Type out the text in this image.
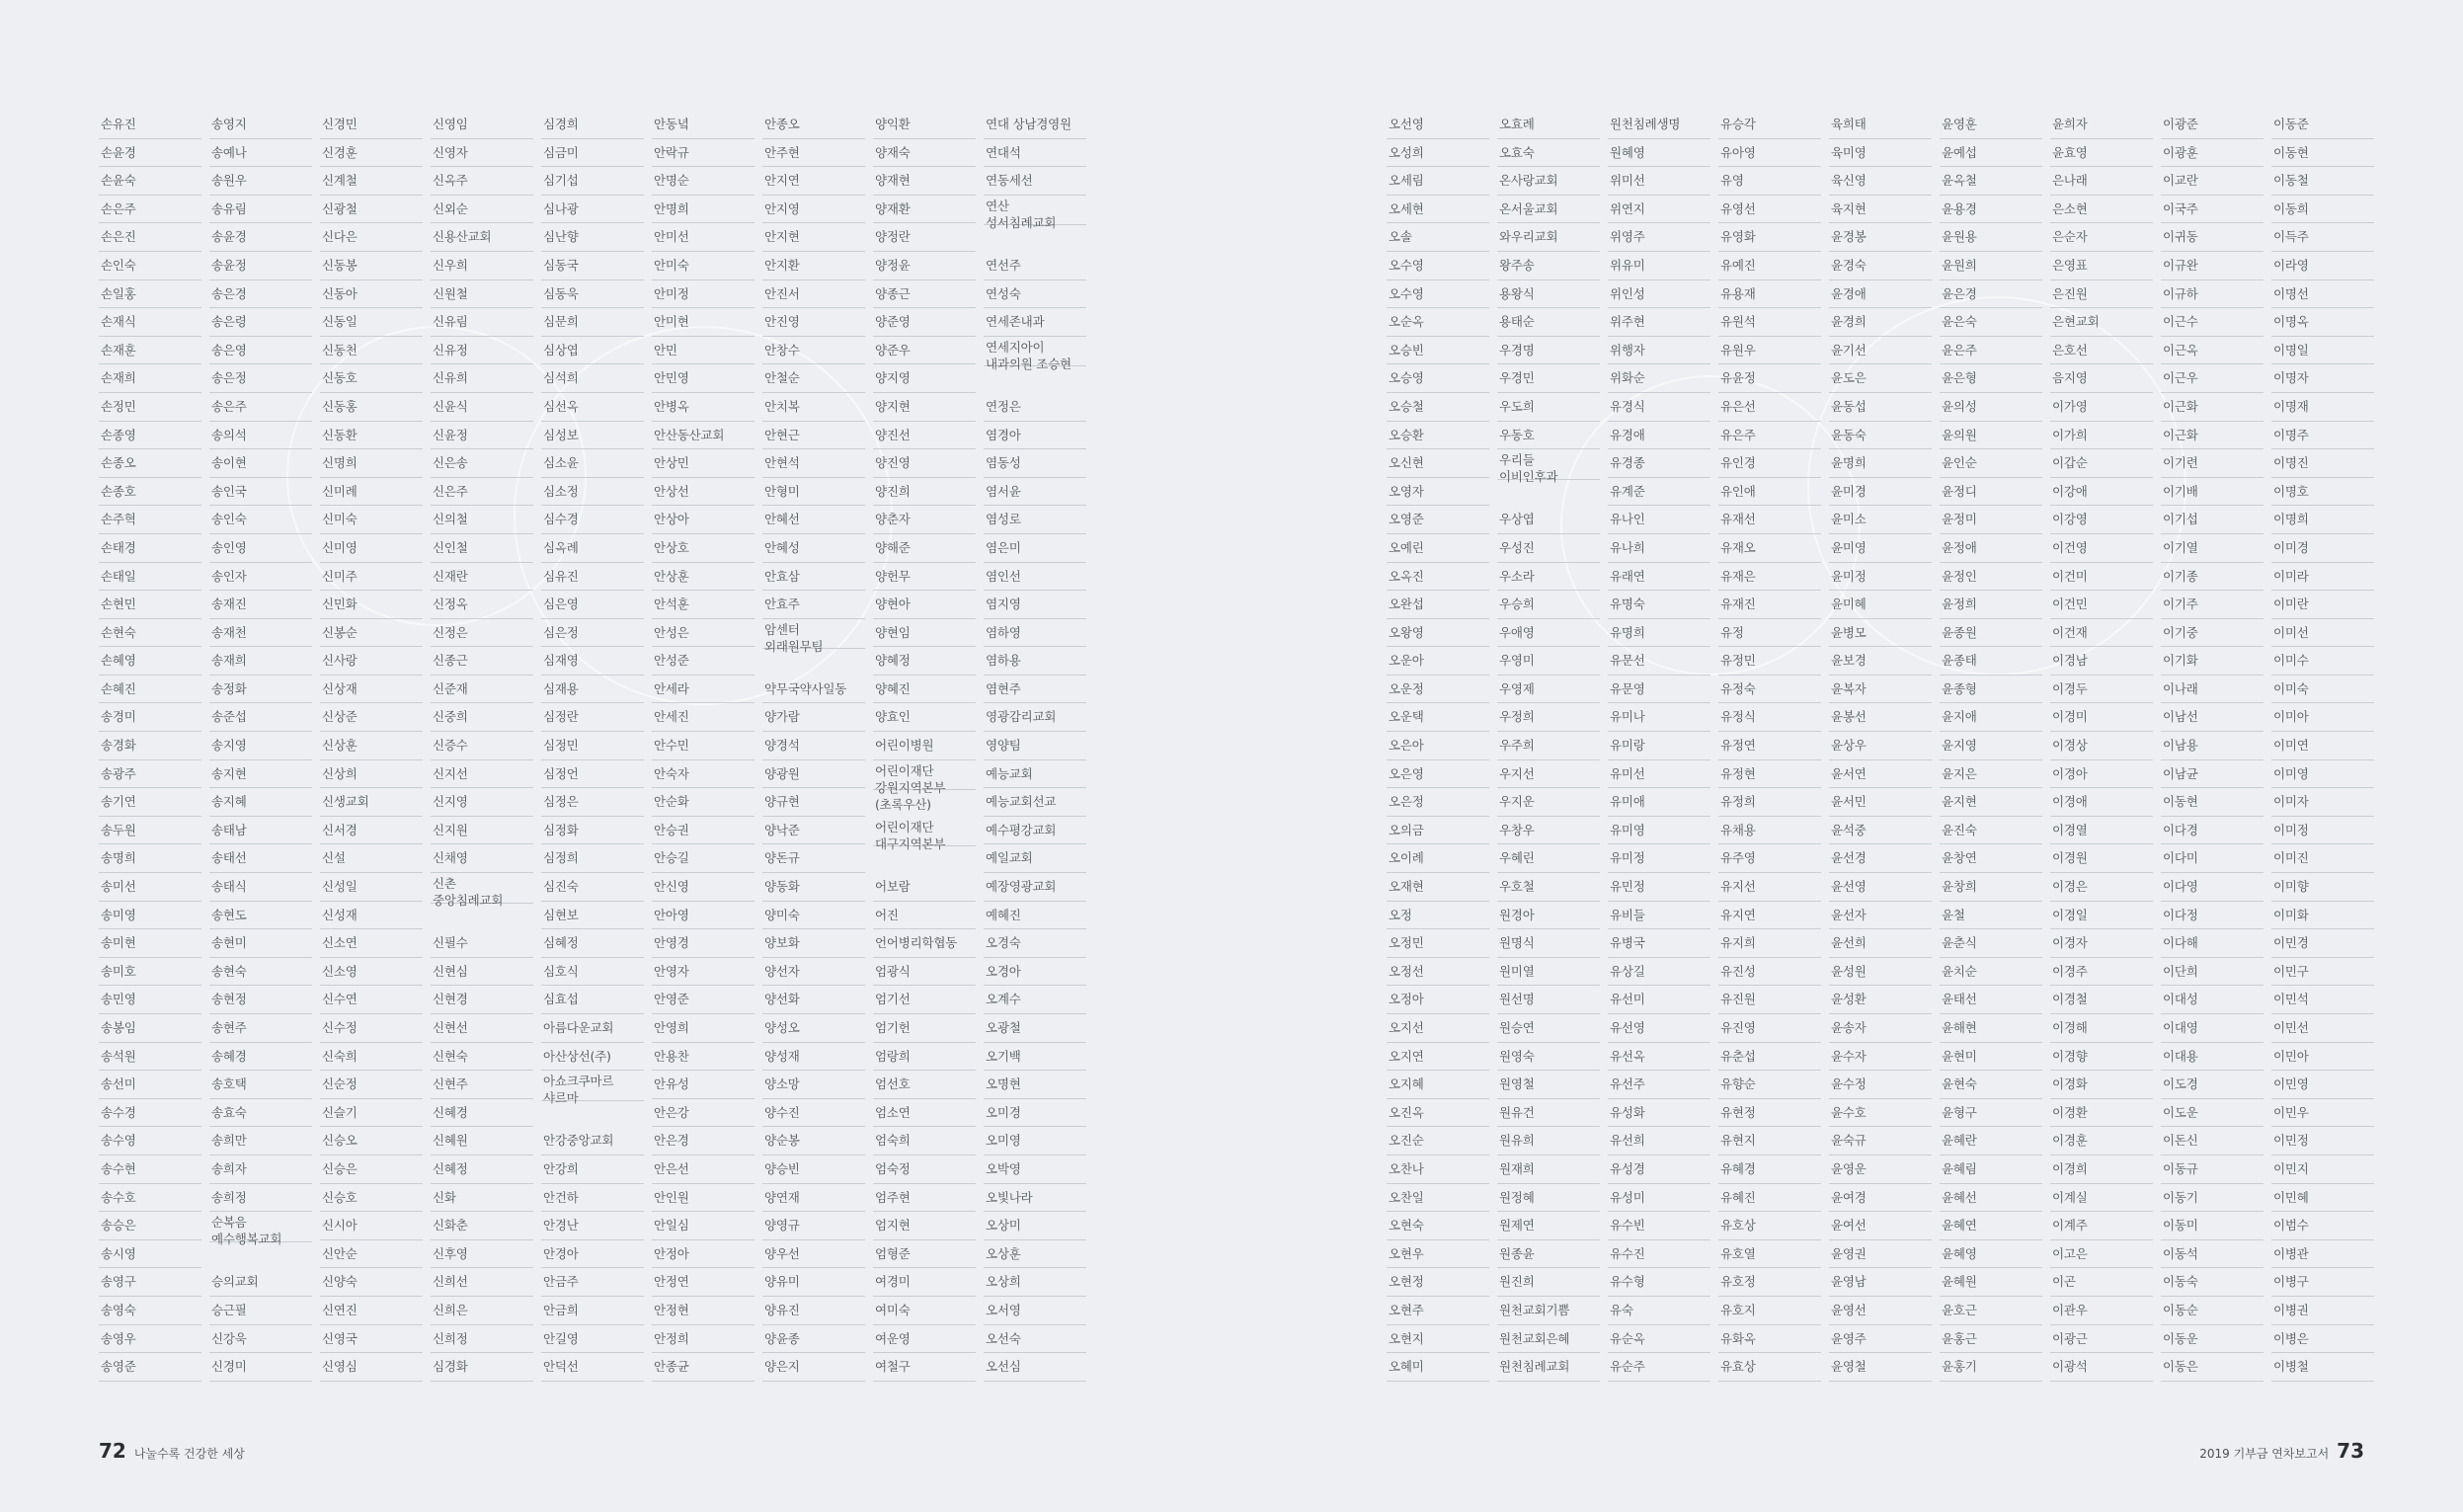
손유진
손윤경
손윤숙
손은주
손은진
손인숙
손일홍
손재식
손재훈
손재희
손정민
손종영
손종오
손종호
손주혁
손태경
손태일
손현민
손현숙
손혜영
손혜진
송경미
송경화
송광주
송기연
송두원
송명희
송미선
송미영
송미현
송미호
송민영
송봉임
송석원
송선미
송수경
송수영
송수현
송수호
송승은
송시영
송영구
송영숙
송영우
송영준
송영지
송예나
송원우
송유림
송윤경
송윤정
송은경
송은령
송은영
송은정
송은주
송의석
송이현
송인국
송인숙
송인영
송인자
송재진
송재천
송재희
송정화
송준섭
송지영
송지현
송지혜
송태남
송태선
송태식
송현도
송현미
송현숙
송현정
송현주
송혜경
송호택
송효숙
송희만
송희자
송희정
순복음
예수행복교회
승의교회
승근필
신강욱
신경미
신경민
신경훈
신계철
신광철
신다은
신동봉
신동아
신동일
신동천
신동호
신동홍
신동환
신명희
신미례
신미숙
신미영
신미주
신민화
신봉순
신사랑
신상재
신상준
신상훈
신상희
신생교회
신서경
신설
신성일
신성재
신소연
신소영
신수연
신수정
신숙희
신순정
신슬기
신승오
신승은
신승호
신시아
신안순
신양숙
신연진
신영국
신영심
신영임
신영자
신옥주
신외순
신용산교회
신우희
신원철
신유림
신유정
신유희
신윤식
신윤정
신은송
신은주
신의철
신인철
신재란
신정옥
신정은
신종근
신준재
신중희
신증수
신지선
신지영
신지원
신채영
신촌
중앙침례교회
신필수
신현심
신현경
신현선
신현숙
신현주
신혜경
신혜원
신혜정
신화
신화춘
신후영
신희선
신희은
신희정
심경화
심경희
심금미
심기섭
심나광
심난향
심동국
심동욱
심문희
심상엽
심석희
심선옥
심성보
심소윤
심소정
심수경
심옥례
심유진
심은영
심은정
심재영
심재용
심정란
심정민
심정언
심정은
심정화
심정희
심진숙
심현보
심혜정
심호식
심효섭
아름다운교회
아산상선(주)
아쇼크쿠마르
샤르마
안강중앙교회
안강희
안건하
안경난
안경아
안금주
안금희
안길영
안덕선
안동녘
안락규
안명순
안명희
안미선
안미숙
안미정
안미현
안민
안민영
안병옥
안산동산교회
안상민
안상선
안상아
안상호
안상훈
안석훈
안성은
안성준
안세라
안세진
안수민
안숙자
안순화
안승권
안승길
안신영
안아영
안영경
안영자
안영준
안영희
안용찬
안유성
안은강
안은경
안은선
안인원
안일심
안정아
안정연
안정현
안정희
안종균
안종오
안주현
안지연
안지영
안지현
안지환
안진서
안진영
안창수
안철순
안치복
안현근
안현석
안형미
안혜선
안혜성
안효삼
안효주
암센터
외래원무팀
약무국약사일동
양가람
양경석
양광원
양규현
양낙준
양돈규
양동화
양미숙
양보화
양선자
양선화
양성오
양성재
양소망
양수진
양순봉
양승빈
양연재
양영규
양우선
양유미
양유진
양윤종
양은지
양익환
양재숙
양재현
양재환
양정란
양정윤
양종근
양준영
양준우
양지영
양지현
양진선
양진영
양진희
양춘자
양해준
양헌무
양현아
양현임
양혜정
양혜진
양효인
어린이병원
어린이재단
강원지역본부
(초록우산)
어린이재단
대구지역본부
어보람
어진
언어병리학협동
엄광식
엄기선
엄기헌
엄랑희
엄선호
엄소연
엄숙희
엄숙정
엄주현
엄지현
엄형준
여경미
여미숙
여운영
여철구
연대 상남경영원
연대석
연동세선
연산
성서침례교회
연선주
연성숙
연세존내과
연세지아이
내과의원 조승현
연정은
염경아
염동성
염서윤
염성로
염은미
염인선
염지영
염하영
염하용
염현주
영광감리교회
영양팀
예능교회
예능교회선교
예수평강교회
예일교회
예장영광교회
예혜진
오경숙
오경아
오계수
오광철
오기백
오명현
오미경
오미영
오박영
오빛나라
오상미
오상훈
오상희
오서영
오선숙
오선심
오선영
오성희
오세림
오세현
오솔
오수영
오수영
오순옥
오승빈
오승영
오승철
오승환
오신현
오영자
오영준
오예린
오옥진
오완섭
오왕영
오운아
오운정
오운택
오은아
오은영
오은정
오의금
오이례
오재현
오정
오정민
오정선
오정아
오지선
오지연
오지혜
오진옥
오진순
오찬나
오찬일
오현숙
오현우
오현정
오현주
오현지
오혜미
오효례
오효숙
온사랑교회
온서울교회
와우리교회
왕주송
용왕식
용태순
우경명
우경민
우도희
우동호
우리들
이비인후과
우상엽
우성진
우소라
우승희
우애영
우영미
우영제
우정희
우주희
우지선
우지운
우창우
우혜린
우호철
원경아
원명식
원미열
원선명
원승연
원영숙
원영철
원유건
원유희
원재희
원정혜
원제연
원종윤
원진희
원천교회기쁨
원천교회은혜
원천침례교회
원천침례생명
원혜영
위미선
위연지
위영주
위유미
위인성
위주현
위행자
위화순
유경식
유경애
유경종
유계준
유나인
유나희
유래연
유명숙
유명희
유문선
유문영
유미나
유미랑
유미선
유미애
유미영
유미정
유민정
유비들
유병국
유상길
유선미
유선영
유선옥
유선주
유성화
유선희
유성경
유성미
유수빈
유수진
유수형
유숙
유순옥
유순주
유승각
유아영
유영
유영선
유영화
유예진
유용재
유원석
유원우
유윤정
유은선
유은주
유인경
유인애
유재선
유재오
유재은
유재진
유정
유정민
유정숙
유정식
유정연
유정현
유정희
유채용
유주영
유지선
유지연
유지희
유진성
유진원
유진영
유춘섭
유향순
유현정
유현지
유혜경
유혜진
유호상
유호열
유호정
유호지
유화옥
유효상
육희태
육미영
육신영
육지현
윤경봉
윤경숙
윤경애
윤경희
윤기선
윤도은
윤동섭
윤동숙
윤명희
윤미경
윤미소
윤미영
윤미정
윤미혜
윤병모
윤보경
윤복자
윤봉선
윤상우
윤서연
윤서민
윤석중
윤선경
윤선영
윤선자
윤선희
윤성원
윤성환
윤송자
윤수자
윤수정
윤수호
윤숙규
윤영운
윤여경
윤여선
윤영권
윤영남
윤영선
윤영주
윤영철
윤영훈
윤예섭
윤옥철
윤용경
윤원용
윤원희
윤은경
윤은숙
윤은주
윤은형
윤의성
윤의원
윤인순
윤정디
윤정미
윤정애
윤정인
윤정희
윤종원
윤종태
윤종형
윤지애
윤지영
윤지은
윤지현
윤진숙
윤창연
윤창희
윤철
윤춘식
윤치순
윤태선
윤해현
윤현미
윤현숙
윤형구
윤혜란
윤혜림
윤혜선
윤혜연
윤혜영
윤혜원
윤호근
윤홍근
윤홍기
윤희자
윤효영
은나래
은소현
은순자
은영표
은진원
은현교회
은호선
음지영
이가영
이가희
이갑순
이강애
이강영
이건영
이건미
이건민
이건재
이경남
이경두
이경미
이경상
이경아
이경애
이경열
이경원
이경은
이경일
이경자
이경주
이경철
이경해
이경향
이경화
이경환
이경훈
이경희
이계실
이계주
이고은
이곤
이관우
이광근
이광석
이광준
이광훈
이교란
이국주
이귀동
이규완
이규하
이근수
이근옥
이근우
이근화
이근화
이기련
이기배
이기섭
이기열
이기종
이기주
이기중
이기화
이나래
이남선
이남용
이남균
이동현
이다경
이다미
이다영
이다정
이다해
이단희
이대성
이대영
이대용
이도경
이도운
이돈신
이동규
이동기
이동미
이동석
이동숙
이동순
이동운
이동은
이동준
이동현
이동철
이동희
이득주
이라영
이명선
이명옥
이명일
이명자
이명재
이명주
이명진
이명호
이명희
이미경
이미라
이미란
이미선
이미수
이미숙
이미아
이미연
이미영
이미자
이미정
이미진
이미향
이미화
이민경
이민구
이민석
이민선
이민아
이민영
이민우
이민정
이민지
이민혜
이범수
이병관
이병구
이병권
이병은
이병철
72 나눌수록 건강한 세상	2019 기부금 연차보고서 73
